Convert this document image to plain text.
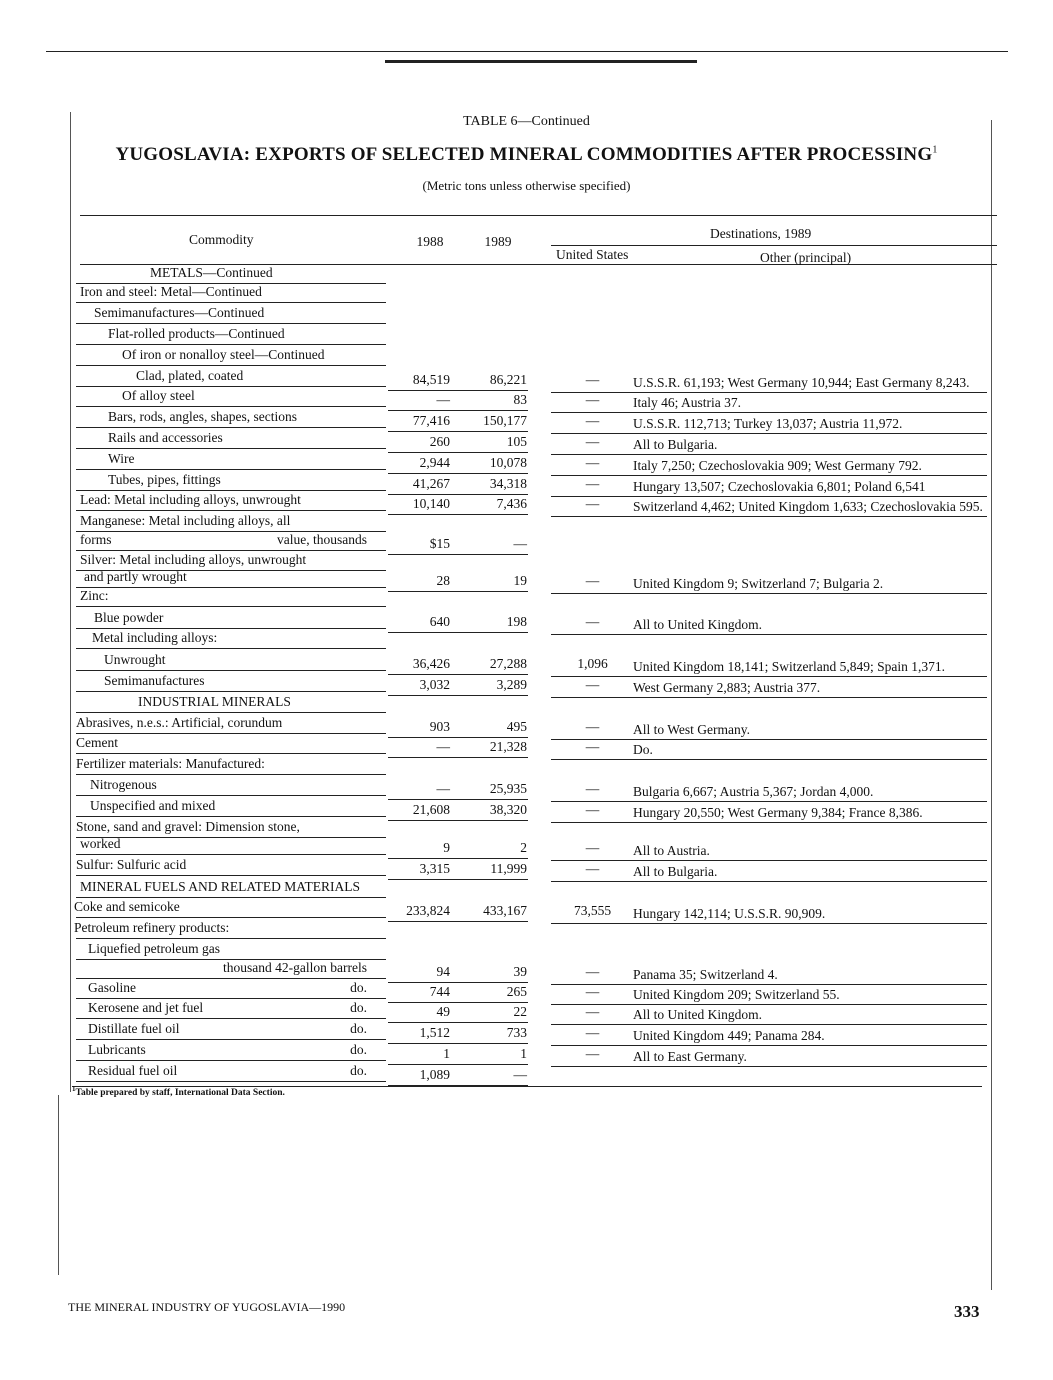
TABLE 6—Continued
YUGOSLAVIA: EXPORTS OF SELECTED MINERAL COMMODITIES AFTER PROCESSING$^1$
(Metric tons unless otherwise specified)
Commodity	1988	1989
Destinations, 1989
United States	Other (principal)
METALS—Continued
Iron and steel: Metal—Continued
Semimanufactures—Continued
Flat-rolled products—Continued
Of iron or nonalloy steel—Continued
Clad, plated, coated	84,519	86,221	—	U.S.S.R. 61,193; West Germany 10,944; East Germany 8,243.
Of alloy steel	—	83	—	Italy 46; Austria 37.
Bars, rods, angles, shapes, sections	77,416	150,177	—	U.S.S.R. 112,713; Turkey 13,037; Austria 11,972.
Rails and accessories	260	105	—	All to Bulgaria.
Wire	2,944	10,078	—	Italy 7,250; Czechoslovakia 909; West Germany 792.
Tubes, pipes, fittings	41,267	34,318	—	Hungary 13,507; Czechoslovakia 6,801; Poland 6,541
Lead: Metal including alloys, unwrought	10,140	7,436	—	Switzerland 4,462; United Kingdom 1,633; Czechoslovakia 595.
Manganese: Metal including alloys, all
forms	value, thousands	$15	—
Silver: Metal including alloys, unwrought
and partly wrought	28	19	—	United Kingdom 9; Switzerland 7; Bulgaria 2.
Zinc:
Blue powder	640	198	—	All to United Kingdom.
Metal including alloys:
Unwrought	36,426	27,288	1,096	United Kingdom 18,141; Switzerland 5,849; Spain 1,371.
Semimanufactures	3,032	3,289	—	West Germany 2,883; Austria 377.
INDUSTRIAL MINERALS
Abrasives, n.e.s.: Artificial, corundum	903	495	—	All to West Germany.
Cement	—	21,328	—	Do.
Fertilizer materials: Manufactured:
Nitrogenous	—	25,935	—	Bulgaria 6,667; Austria 5,367; Jordan 4,000.
Unspecified and mixed	21,608	38,320	—	Hungary 20,550; West Germany 9,384; France 8,386.
Stone, sand and gravel: Dimension stone,
worked	9	2	—	All to Austria.
Sulfur: Sulfuric acid	3,315	11,999	—	All to Bulgaria.
MINERAL FUELS AND RELATED MATERIALS
Coke and semicoke	233,824	433,167	73,555	Hungary 142,114; U.S.S.R. 90,909.
Petroleum refinery products:
Liquefied petroleum gas
thousand 42-gallon barrels	94	39	—	Panama 35; Switzerland 4.
Gasoline	do.	744	265	—	United Kingdom 209; Switzerland 55.
Kerosene and jet fuel	do.	49	22	—	All to United Kingdom.
Distillate fuel oil	do.	1,512	733	—	United Kingdom 449; Panama 284.
Lubricants	do.	1	1	—	All to East Germany.
Residual fuel oil	do.	1,089	—
$^1$Table prepared by staff, International Data Section.
THE MINERAL INDUSTRY OF YUGOSLAVIA—1990	333
